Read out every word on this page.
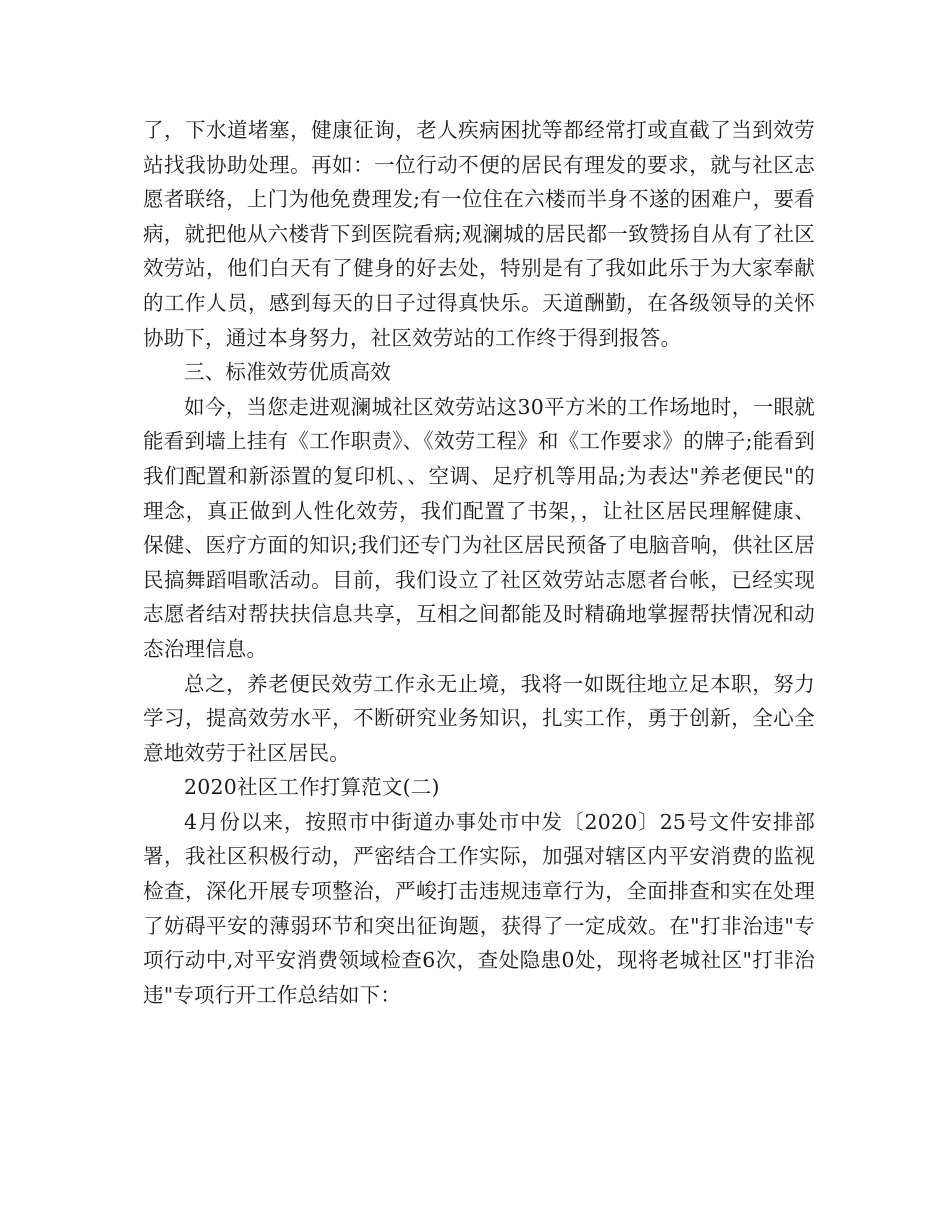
了，下水道堵塞，健康征询，老人疾病困扰等都经常打或直截了当到效劳站找我协助处理。再如：一位行动不便的居民有理发的要求，就与社区志愿者联络，上门为他免费理发;有一位住在六楼而半身不遂的困难户，要看病，就把他从六楼背下到医院看病;观澜城的居民都一致赞扬自从有了社区效劳站，他们白天有了健身的好去处，特别是有了我如此乐于为大家奉献的工作人员，感到每天的日子过得真快乐。天道酬勤，在各级领导的关怀协助下，通过本身努力，社区效劳站的工作终于得到报答。

三、标准效劳优质高效

如今，当您走进观澜城社区效劳站这30平方米的工作场地时，一眼就能看到墙上挂有《工作职责》、《效劳工程》和《工作要求》的牌子;能看到我们配置和新添置的复印机、、空调、足疗机等用品;为表达"养老便民"的理念，真正做到人性化效劳，我们配置了书架，，让社区居民理解健康、保健、医疗方面的知识;我们还专门为社区居民预备了电脑音响，供社区居民搞舞蹈唱歌活动。目前，我们设立了社区效劳站志愿者台帐，已经实现志愿者结对帮扶扶信息共享，互相之间都能及时精确地掌握帮扶情况和动态治理信息。

总之，养老便民效劳工作永无止境，我将一如既往地立足本职，努力学习，提高效劳水平，不断研究业务知识，扎实工作，勇于创新，全心全意地效劳于社区居民。

2020社区工作打算范文(二)

4月份以来，按照市中街道办事处市中发〔2020〕25号文件安排部署，我社区积极行动，严密结合工作实际，加强对辖区内平安消费的监视检查，深化开展专项整治，严峻打击违规违章行为，全面排查和实在处理了妨碍平安的薄弱环节和突出征询题，获得了一定成效。在"打非治违"专项行动中,对平安消费领域检查6次，查处隐患0处，现将老城社区"打非治违"专项行开工作总结如下：
